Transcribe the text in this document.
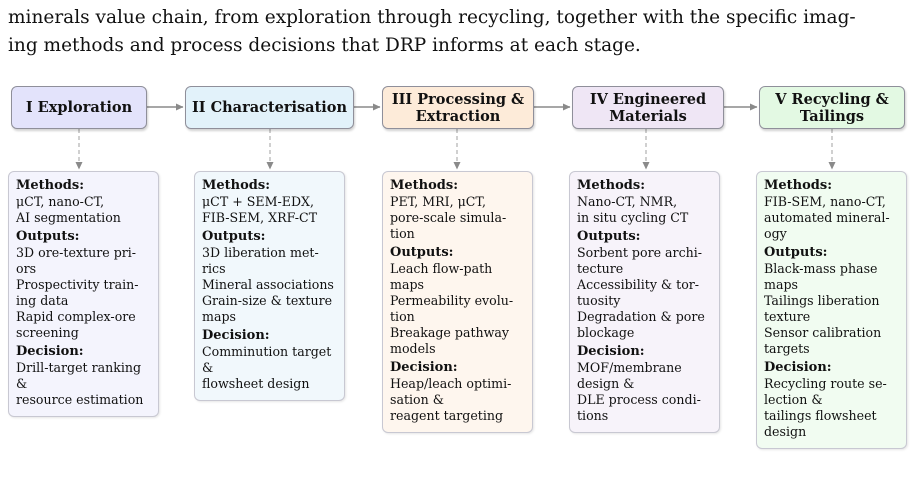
minerals value chain, from exploration through recycling, together with the specific imag-
ing methods and process decisions that DRP informs at each stage.

I Exploration	II Characterisation	III Processing & Extraction
IV Engineered Materials
V Recycling & Tailings
Methods:
μCT, nano-CT,
AI segmentation
Outputs:
3D ore-texture pri-
ors
Prospectivity train-
ing data
Rapid complex-ore
screening
Decision:
Drill-target ranking
&
resource estimation
Methods:
μCT + SEM-EDX,
FIB-SEM, XRF-CT
Outputs:
3D liberation met-
rics
Mineral associations
Grain-size & texture
maps
Decision:
Comminution target
&
flowsheet design
Methods:
PET, MRI, μCT,
pore-scale simula-
tion
Outputs:
Leach flow-path
maps
Permeability evolu-
tion
Breakage pathway
models
Decision:
Heap/leach optimi-
sation &
reagent targeting
Methods:
Nano-CT, NMR,
in situ cycling CT
Outputs:
Sorbent pore archi-
tecture
Accessibility & tor-
tuosity
Degradation & pore
blockage
Decision:
MOF/membrane
design &
DLE process condi-
tions
Methods:
FIB-SEM, nano-CT,
automated mineral-
ogy
Outputs:
Black-mass phase
maps
Tailings liberation
texture
Sensor calibration
targets
Decision:
Recycling route se-
lection &
tailings flowsheet
design
